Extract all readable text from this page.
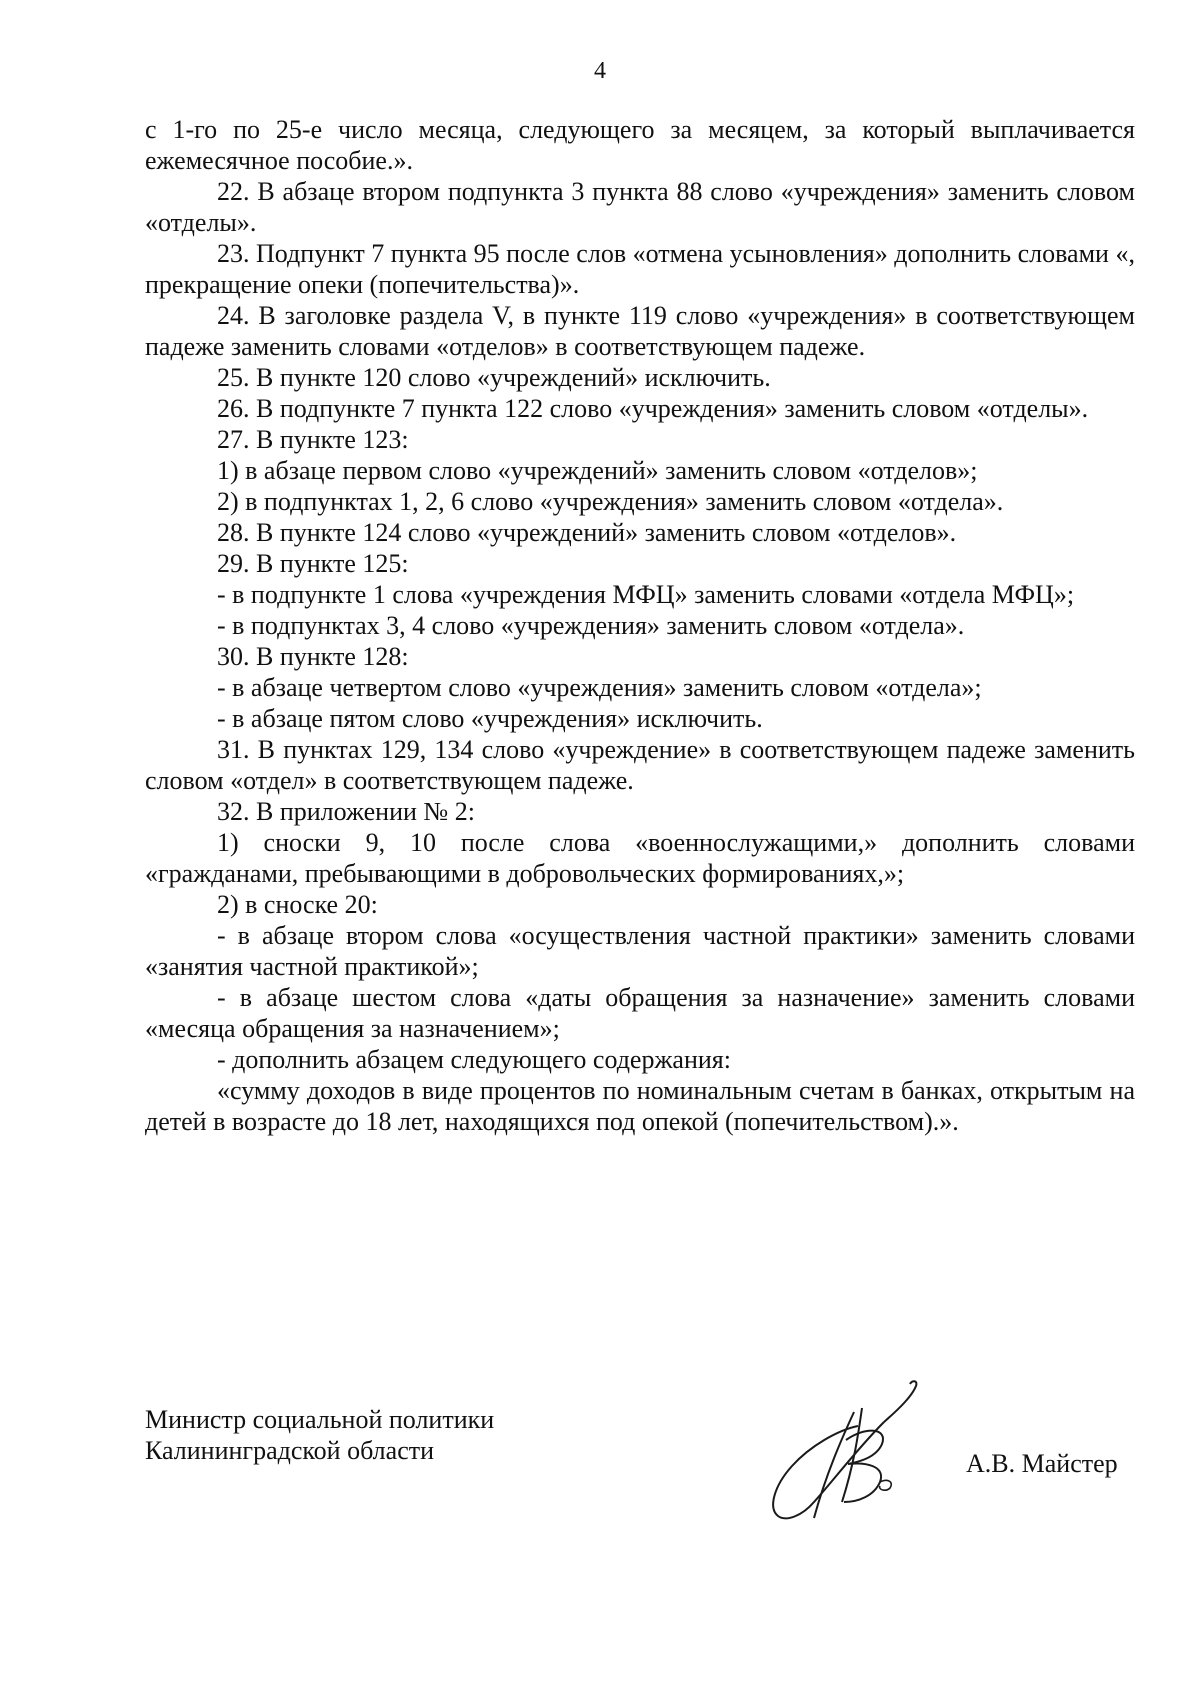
4

с 1-го по 25-е число месяца, следующего за месяцем, за который выплачивается ежемесячное пособие.».

22. В абзаце втором подпункта 3 пункта 88 слово «учреждения» заменить словом «отделы».

23. Подпункт 7 пункта 95 после слов «отмена усыновления» дополнить словами «, прекращение опеки (попечительства)».

24. В заголовке раздела V, в пункте 119 слово «учреждения» в соответствующем падеже заменить словами «отделов» в соответствующем падеже.

25. В пункте 120 слово «учреждений» исключить.

26. В подпункте 7 пункта 122 слово «учреждения» заменить словом «отделы».

27. В пункте 123:

1) в абзаце первом слово «учреждений» заменить словом «отделов»;

2) в подпунктах 1, 2, 6 слово «учреждения» заменить словом «отдела».

28. В пункте 124 слово «учреждений» заменить словом «отделов».

29. В пункте 125:

- в подпункте 1 слова «учреждения МФЦ» заменить словами «отдела МФЦ»;

- в подпунктах 3, 4 слово «учреждения» заменить словом «отдела».

30. В пункте 128:

- в абзаце четвертом слово «учреждения» заменить словом «отдела»;

- в абзаце пятом слово «учреждения» исключить.

31. В пунктах 129, 134 слово «учреждение» в соответствующем падеже заменить словом «отдел» в соответствующем падеже.

32. В приложении № 2:

1) сноски 9, 10 после слова «военнослужащими,» дополнить словами «гражданами, пребывающими в добровольческих формированиях,»;

2) в сноске 20:

- в абзаце втором слова «осуществления частной практики» заменить словами «занятия частной практикой»;

- в абзаце шестом слова «даты обращения за назначение» заменить словами «месяца обращения за назначением»;

- дополнить абзацем следующего содержания:

«сумму доходов в виде процентов по номинальным счетам в банках, открытым на детей в возрасте до 18 лет, находящихся под опекой (попечительством).».

Министр социальной политики
Калининградской области	А.В. Майстер
